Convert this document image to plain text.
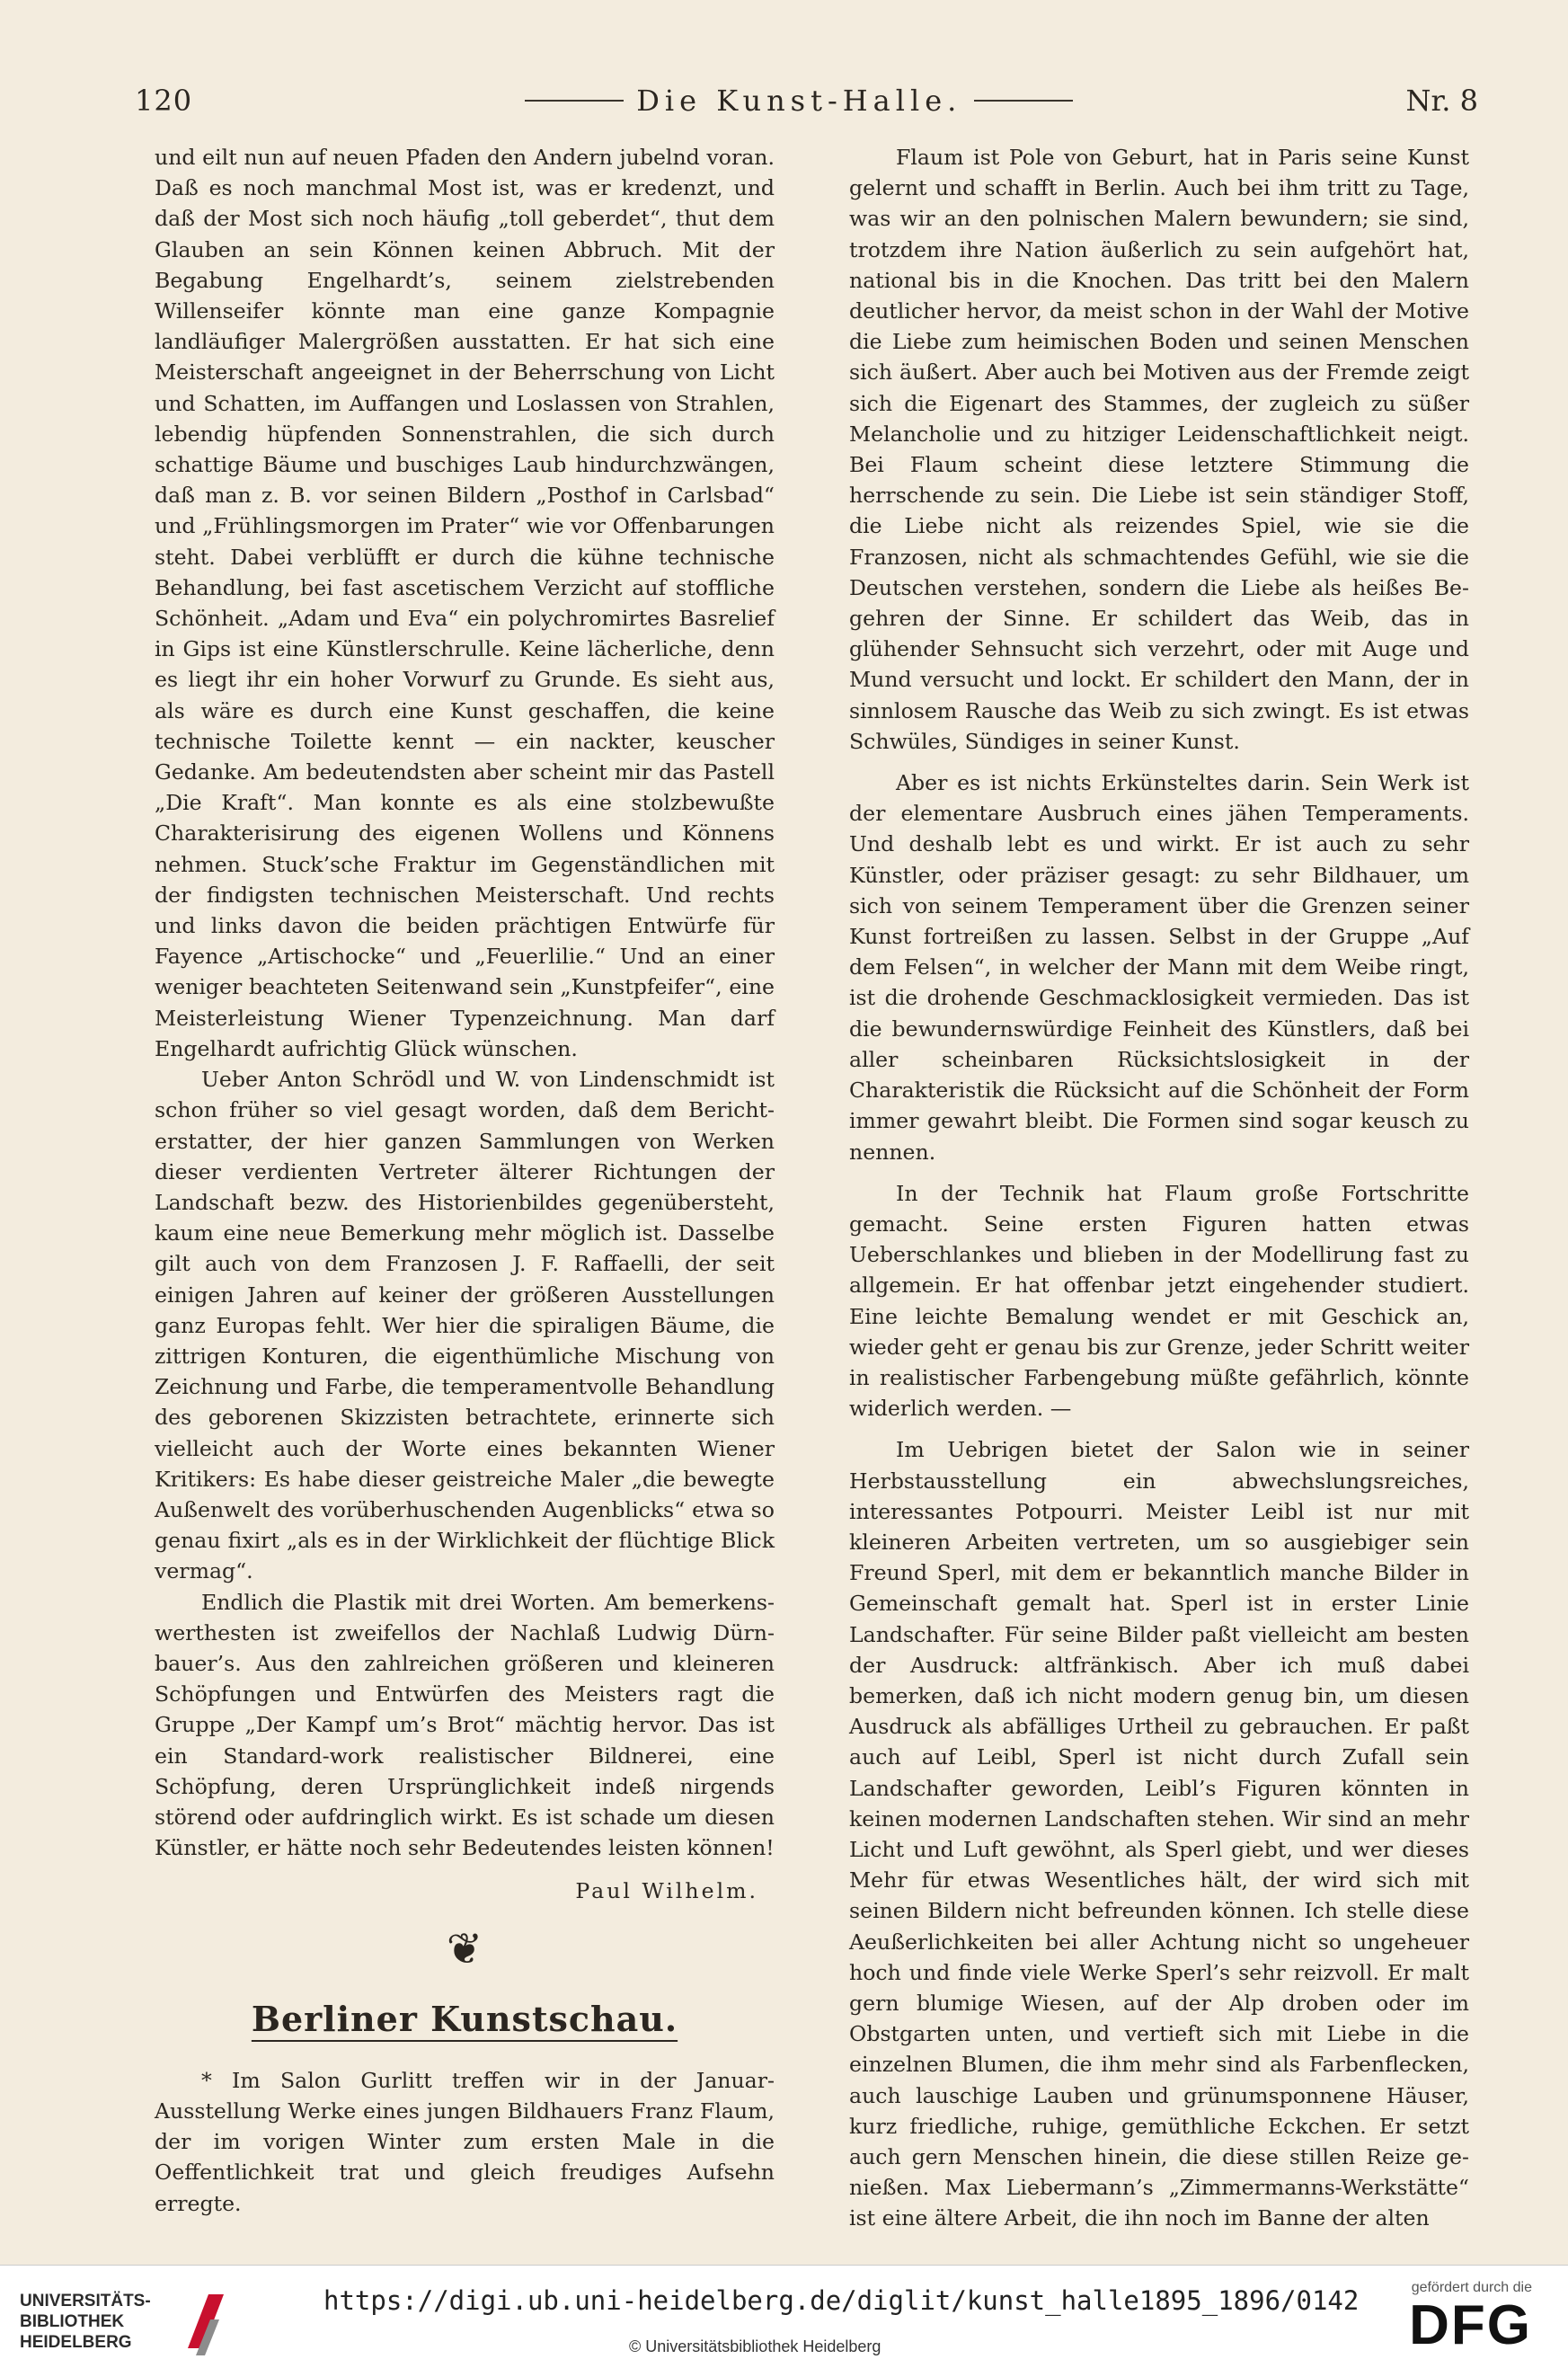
120	Die Kunst-Halle.	Nr. 8

und eilt nun auf neuen Pfaden den Andern jubelnd voran. Daß es noch manchmal Most ist, was er kredenzt, und daß der Most sich noch häufig „toll geberdet“, thut dem Glauben an sein Können keinen Abbruch. Mit der Begabung Engelhardt’s, seinem zielstrebenden Willenseifer könnte man eine ganze Kompagnie landläufiger Malergrößen ausstatten. Er hat sich eine Meisterschaft angeeignet in der Beherrschung von Licht und Schatten, im Auffangen und Loslassen von Strahlen, lebendig hüpfenden Sonnenstrahlen, die sich durch schattige Bäume und buschiges Laub hindurchzwängen, daß man z. B. vor seinen Bildern „Posthof in Carlsbad“ und „Frühlingsmorgen im Prater“ wie vor Offenbarungen steht. Dabei verblüfft er durch die kühne technische Behandlung, bei fast ascetischem Verzicht auf stoffliche Schönheit. „Adam und Eva“ ein polychromirtes Basrelief in Gips ist eine Künstlerschrulle. Keine lächerliche, denn es liegt ihr ein hoher Vorwurf zu Grunde. Es sieht aus, als wäre es durch eine Kunst geschaffen, die keine technische Toilette kennt — ein nackter, keuscher Gedanke. Am bedeutendsten aber scheint mir das Pastell „Die Kraft“. Man konnte es als eine stolzbewußte Charakterisirung des eigenen Wollens und Könnens nehmen. Stuck’sche Fraktur im Gegenständlichen mit der findigsten technischen Meisterschaft. Und rechts und links davon die beiden prächtigen Entwürfe für Fayence „Artischocke“ und „Feuerlilie.“ Und an einer weniger beachteten Seitenwand sein „Kunstpfeifer“, eine Meisterleistung Wiener Typenzeichnung. Man darf Engelhardt aufrichtig Glück wünschen.

Ueber Anton Schrödl und W. von Lindenschmidt ist schon früher so viel gesagt worden, daß dem Berichterstatter, der hier ganzen Sammlungen von Werken dieser verdienten Vertreter älterer Richtungen der Landschaft bezw. des Historienbildes gegenübersteht, kaum eine neue Bemerkung mehr möglich ist. Dasselbe gilt auch von dem Franzosen J. F. Raffaelli, der seit einigen Jahren auf keiner der größeren Ausstellungen ganz Europas fehlt. Wer hier die spiraligen Bäume, die zittrigen Konturen, die eigenthümliche Mischung von Zeichnung und Farbe, die temperamentvolle Behandlung des geborenen Skizzisten betrachtete, erinnerte sich vielleicht auch der Worte eines bekannten Wiener Kritikers: Es habe dieser geistreiche Maler „die bewegte Außenwelt des vorüberhuschenden Augenblicks“ etwa so genau fixirt „als es in der Wirklichkeit der flüchtige Blick vermag“.

Endlich die Plastik mit drei Worten. Am bemerkenswerthesten ist zweifellos der Nachlaß Ludwig Dürnbauer’s. Aus den zahlreichen größeren und kleineren Schöpfungen und Entwürfen des Meisters ragt die Gruppe „Der Kampf um’s Brot“ mächtig hervor. Das ist ein Standard-work realistischer Bildnerei, eine Schöpfung, deren Ursprünglichkeit indeß nirgends störend oder aufdringlich wirkt. Es ist schade um diesen Künstler, er hätte noch sehr Bedeutendes leisten können!

Paul Wilhelm.
❦
Berliner Kunstschau.

* Im Salon Gurlitt treffen wir in der JanuarAusstellung Werke eines jungen Bildhauers Franz Flaum, der im vorigen Winter zum ersten Male in die Oeffentlichkeit trat und gleich freudiges Aufsehn erregte.

Flaum ist Pole von Geburt, hat in Paris seine Kunst gelernt und schafft in Berlin. Auch bei ihm tritt zu Tage, was wir an den polnischen Malern bewundern; sie sind, trotzdem ihre Nation äußerlich zu sein aufgehört hat, national bis in die Knochen. Das tritt bei den Malern deutlicher hervor, da meist schon in der Wahl der Motive die Liebe zum heimischen Boden und seinen Menschen sich äußert. Aber auch bei Motiven aus der Fremde zeigt sich die Eigenart des Stammes, der zugleich zu süßer Melancholie und zu hitziger Leidenschaftlichkeit neigt. Bei Flaum scheint diese letztere Stimmung die herrschende zu sein. Die Liebe ist sein ständiger Stoff, die Liebe nicht als reizendes Spiel, wie sie die Franzosen, nicht als schmachtendes Gefühl, wie sie die Deutschen verstehen, sondern die Liebe als heißes Begehren der Sinne. Er schildert das Weib, das in glühender Sehnsucht sich verzehrt, oder mit Auge und Mund versucht und lockt. Er schildert den Mann, der in sinnlosem Rausche das Weib zu sich zwingt. Es ist etwas Schwüles, Sündiges in seiner Kunst.

Aber es ist nichts Erkünsteltes darin. Sein Werk ist der elementare Ausbruch eines jähen Temperaments. Und deshalb lebt es und wirkt. Er ist auch zu sehr Künstler, oder präziser gesagt: zu sehr Bildhauer, um sich von seinem Temperament über die Grenzen seiner Kunst fortreißen zu lassen. Selbst in der Gruppe „Auf dem Felsen“, in welcher der Mann mit dem Weibe ringt, ist die drohende Geschmacklosigkeit vermieden. Das ist die bewundernswürdige Feinheit des Künstlers, daß bei aller scheinbaren Rücksichtslosigkeit in der Charakteristik die Rücksicht auf die Schönheit der Form immer gewahrt bleibt. Die Formen sind sogar keusch zu nennen.

In der Technik hat Flaum große Fortschritte gemacht. Seine ersten Figuren hatten etwas Ueberschlankes und blieben in der Modellirung fast zu allgemein. Er hat offenbar jetzt eingehender studiert. Eine leichte Bemalung wendet er mit Geschick an, wieder geht er genau bis zur Grenze, jeder Schritt weiter in realistischer Farbengebung müßte gefährlich, könnte widerlich werden. —

Im Uebrigen bietet der Salon wie in seiner Herbstausstellung ein abwechslungsreiches, interessantes Potpourri. Meister Leibl ist nur mit kleineren Arbeiten vertreten, um so ausgiebiger sein Freund Sperl, mit dem er bekanntlich manche Bilder in Gemeinschaft gemalt hat. Sperl ist in erster Linie Landschafter. Für seine Bilder paßt vielleicht am besten der Ausdruck: altfränkisch. Aber ich muß dabei bemerken, daß ich nicht modern genug bin, um diesen Ausdruck als abfälliges Urtheil zu gebrauchen. Er paßt auch auf Leibl, Sperl ist nicht durch Zufall sein Landschafter geworden, Leibl’s Figuren könnten in keinen modernen Landschaften stehen. Wir sind an mehr Licht und Luft gewöhnt, als Sperl giebt, und wer dieses Mehr für etwas Wesentliches hält, der wird sich mit seinen Bildern nicht befreunden können. Ich stelle diese Aeußerlichkeiten bei aller Achtung nicht so ungeheuer hoch und finde viele Werke Sperl’s sehr reizvoll. Er malt gern blumige Wiesen, auf der Alp droben oder im Obstgarten unten, und vertieft sich mit Liebe in die einzelnen Blumen, die ihm mehr sind als Farbenflecken, auch lauschige Lauben und grünumsponnene Häuser, kurz friedliche, ruhige, gemüthliche Eckchen. Er setzt auch gern Menschen hinein, die diese stillen Reize genießen. Max Liebermann’s „Zimmermanns-Werkstätte“ ist eine ältere Arbeit, die ihn noch im Banne der alten

UNIVERSITÄTS-
BIBLIOTHEK
HEIDELBERG
https://digi.ub.uni-heidelberg.de/diglit/kunst_halle1895_1896/0142
© Universitätsbibliothek Heidelberg
gefördert durch die
DFG
